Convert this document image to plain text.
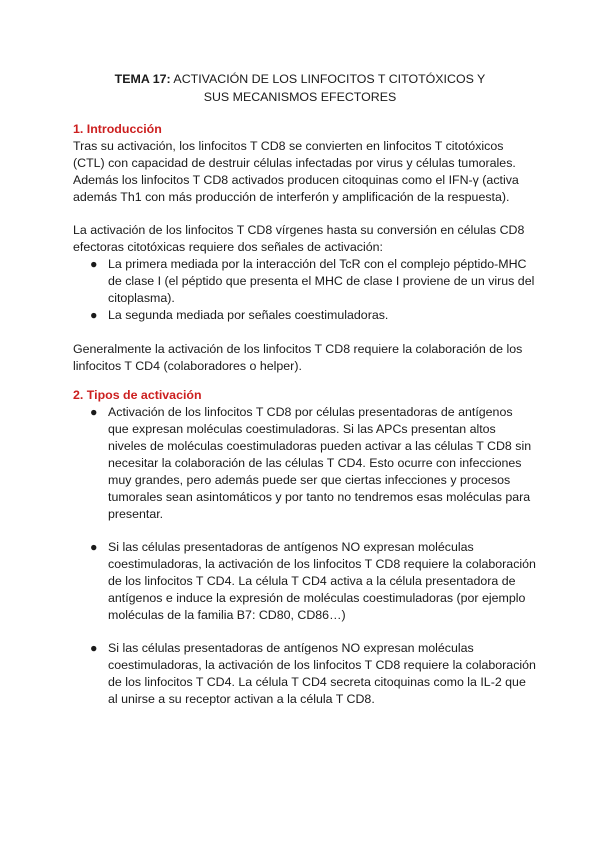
TEMA 17: ACTIVACIÓN DE LOS LINFOCITOS T CITOTÓXICOS Y
SUS MECANISMOS EFECTORES
1. Introducción
Tras su activación, los linfocitos T CD8 se convierten en linfocitos T citotóxicos
(CTL) con capacidad de destruir células infectadas por virus y células tumorales.
Además los linfocitos T CD8 activados producen citoquinas como el IFN-γ (activa
además Th1 con más producción de interferón y amplificación de la respuesta).
La activación de los linfocitos T CD8 vírgenes hasta su conversión en células CD8
efectoras citotóxicas requiere dos señales de activación:
● La primera mediada por la interacción del TcR con el complejo péptido-MHC
de clase I (el péptido que presenta el MHC de clase I proviene de un virus del
citoplasma).
● La segunda mediada por señales coestimuladoras.
Generalmente la activación de los linfocitos T CD8 requiere la colaboración de los
linfocitos T CD4 (colaboradores o helper).
2. Tipos de activación
● Activación de los linfocitos T CD8 por células presentadoras de antígenos
que expresan moléculas coestimuladoras. Si las APCs presentan altos
niveles de moléculas coestimuladoras pueden activar a las células T CD8 sin
necesitar la colaboración de las células T CD4. Esto ocurre con infecciones
muy grandes, pero además puede ser que ciertas infecciones y procesos
tumorales sean asintomáticos y por tanto no tendremos esas moléculas para
presentar.
● Si las células presentadoras de antígenos NO expresan moléculas
coestimuladoras, la activación de los linfocitos T CD8 requiere la colaboración
de los linfocitos T CD4. La célula T CD4 activa a la célula presentadora de
antígenos e induce la expresión de moléculas coestimuladoras (por ejemplo
moléculas de la familia B7: CD80, CD86…)
● Si las células presentadoras de antígenos NO expresan moléculas
coestimuladoras, la activación de los linfocitos T CD8 requiere la colaboración
de los linfocitos T CD4. La célula T CD4 secreta citoquinas como la IL-2 que
al unirse a su receptor activan a la célula T CD8.
